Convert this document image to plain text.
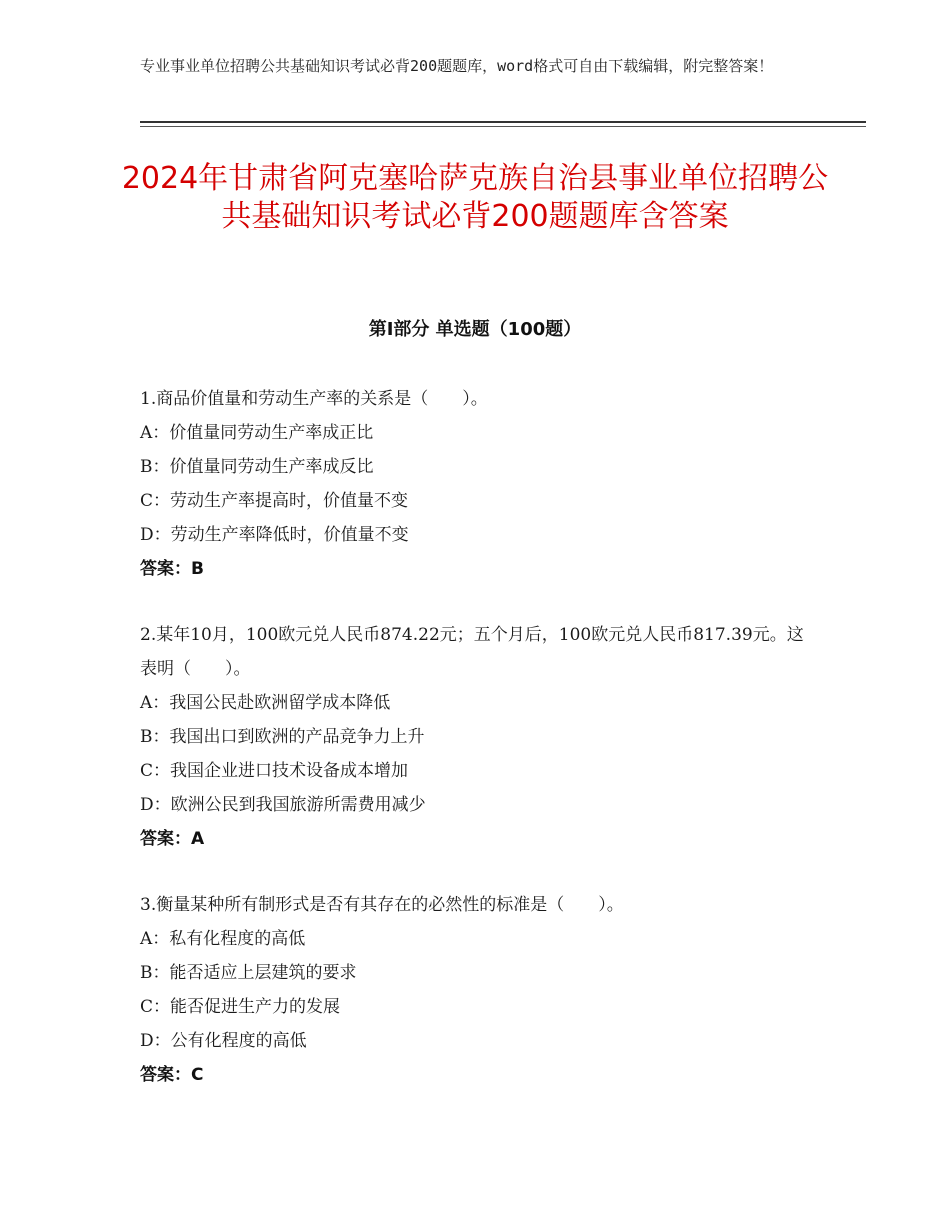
专业事业单位招聘公共基础知识考试必背200题题库，word格式可自由下载编辑，附完整答案！
2024年甘肃省阿克塞哈萨克族自治县事业单位招聘公共基础知识考试必背200题题库含答案
第Ⅰ部分 单选题（100题）

1.商品价值量和劳动生产率的关系是（　　）。

A：价值量同劳动生产率成正比

B：价值量同劳动生产率成反比

C：劳动生产率提高时，价值量不变

D：劳动生产率降低时，价值量不变

答案：B

2.某年10月，100欧元兑人民币874.22元；五个月后，100欧元兑人民币817.39元。这表明（　　）。

A：我国公民赴欧洲留学成本降低

B：我国出口到欧洲的产品竞争力上升

C：我国企业进口技术设备成本增加

D：欧洲公民到我国旅游所需费用减少

答案：A

3.衡量某种所有制形式是否有其存在的必然性的标准是（　　）。

A：私有化程度的高低

B：能否适应上层建筑的要求

C：能否促进生产力的发展

D：公有化程度的高低

答案：C
